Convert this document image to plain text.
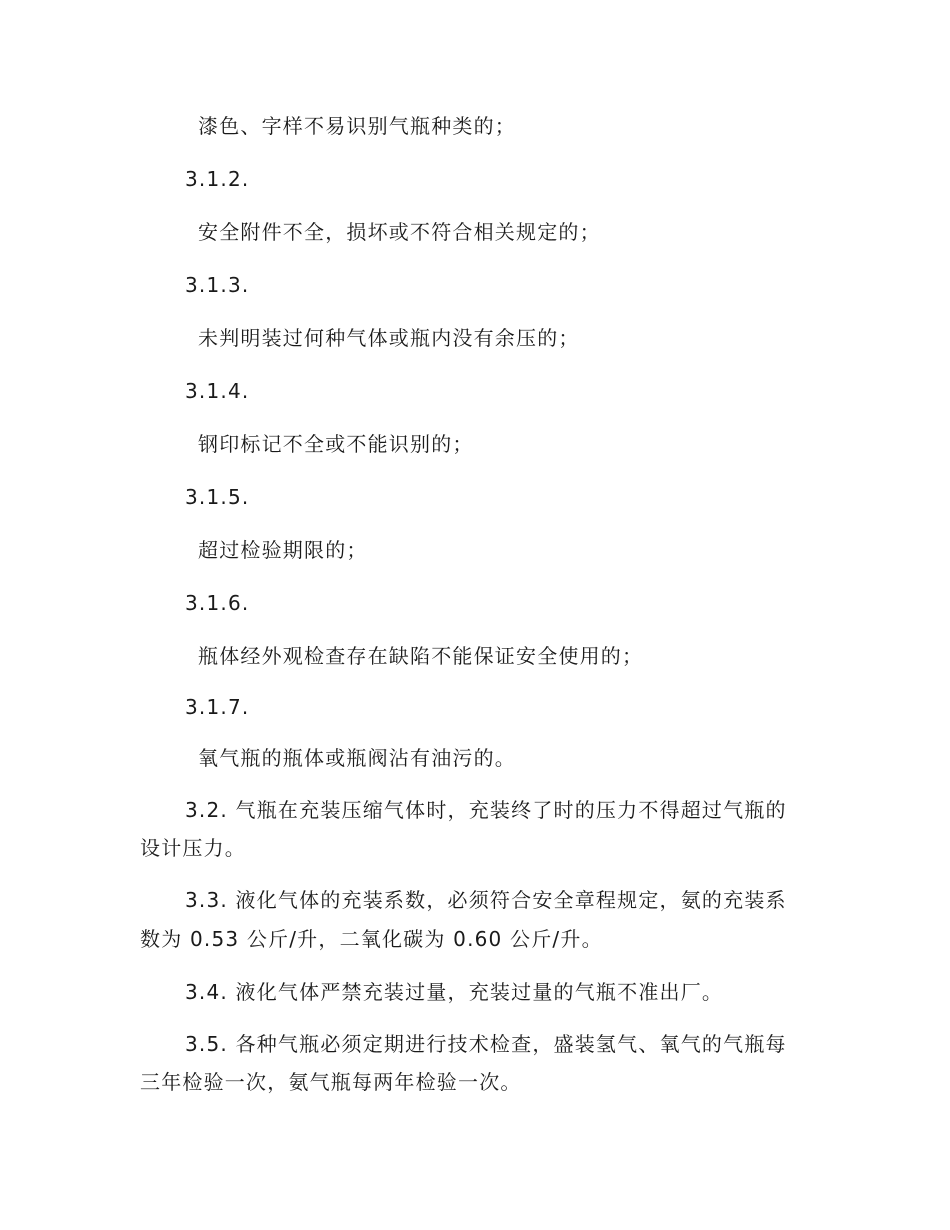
漆色、字样不易识别气瓶种类的；
3.1.2.
安全附件不全，损坏或不符合相关规定的；
3.1.3.
未判明装过何种气体或瓶内没有余压的；
3.1.4.
钢印标记不全或不能识别的；
3.1.5.
超过检验期限的；
3.1.6.
瓶体经外观检查存在缺陷不能保证安全使用的；
3.1.7.
氧气瓶的瓶体或瓶阀沾有油污的。
3.2. 气瓶在充装压缩气体时，充装终了时的压力不得超过气瓶的
设计压力。
3.3. 液化气体的充装系数，必须符合安全章程规定，氨的充装系
数为 0.53 公斤/升，二氧化碳为 0.60 公斤/升。
3.4. 液化气体严禁充装过量，充装过量的气瓶不准出厂。
3.5. 各种气瓶必须定期进行技术检查，盛装氢气、氧气的气瓶每
三年检验一次，氨气瓶每两年检验一次。
